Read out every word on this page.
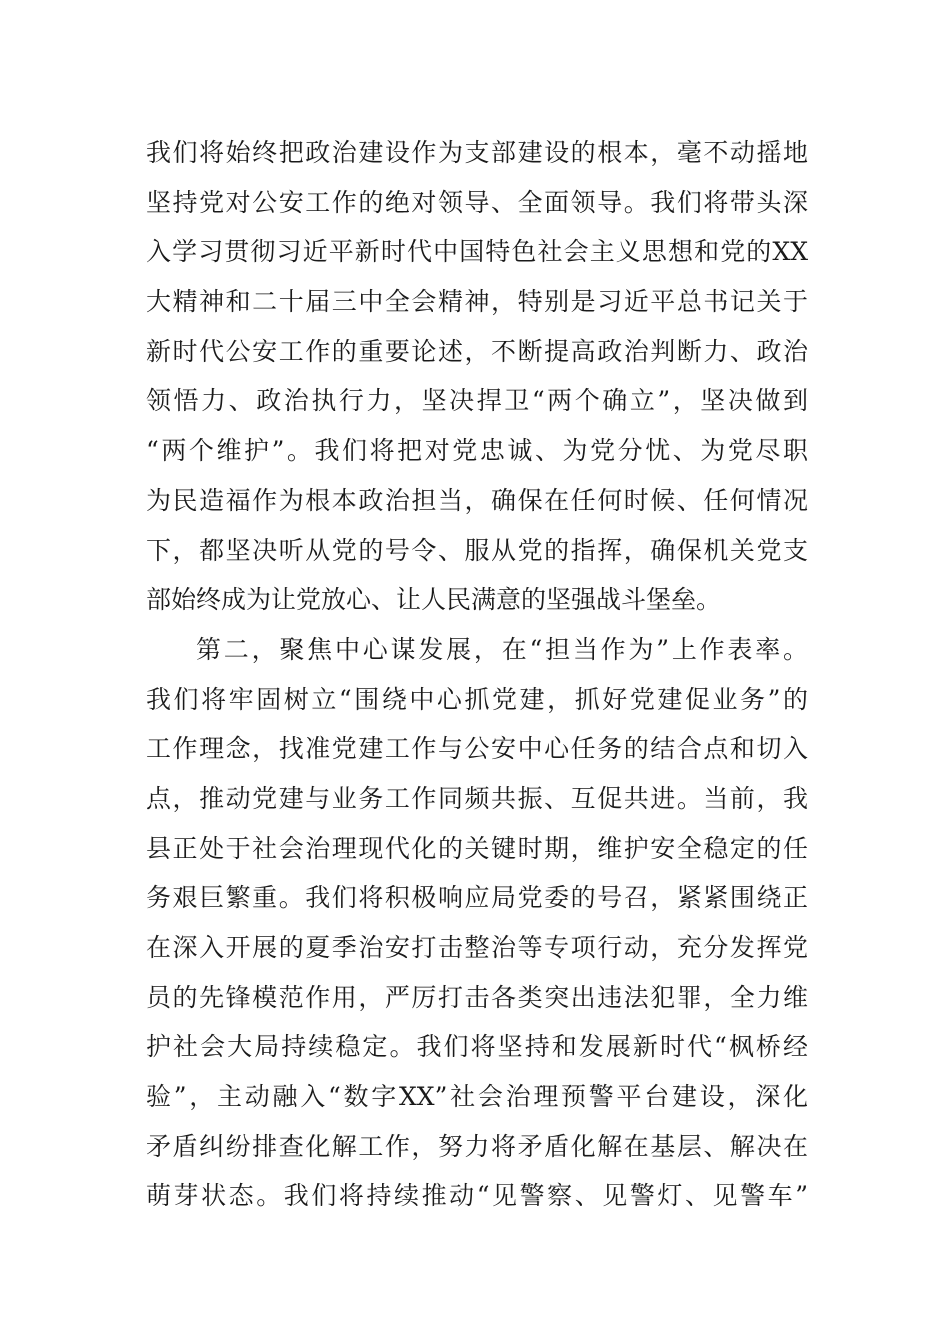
我们将始终把政治建设作为支部建设的根本，毫不动摇地
坚持党对公安工作的绝对领导、全面领导。我们将带头深
入学习贯彻习近平新时代中国特色社会主义思想和党的XX
大精神和二十届三中全会精神，特别是习近平总书记关于
新时代公安工作的重要论述，不断提高政治判断力、政治
领悟力、政治执行力，坚决捍卫“两个确立”，坚决做到
“两个维护”。我们将把对党忠诚、为党分忧、为党尽职
为民造福作为根本政治担当，确保在任何时候、任何情况
下，都坚决听从党的号令、服从党的指挥，确保机关党支
部始终成为让党放心、让人民满意的坚强战斗堡垒。
第二，聚焦中心谋发展，在“担当作为”上作表率。
我们将牢固树立“围绕中心抓党建，抓好党建促业务”的
工作理念，找准党建工作与公安中心任务的结合点和切入
点，推动党建与业务工作同频共振、互促共进。当前，我
县正处于社会治理现代化的关键时期，维护安全稳定的任
务艰巨繁重。我们将积极响应局党委的号召，紧紧围绕正
在深入开展的夏季治安打击整治等专项行动，充分发挥党
员的先锋模范作用，严厉打击各类突出违法犯罪，全力维
护社会大局持续稳定。我们将坚持和发展新时代“枫桥经
验”，主动融入“数字XX”社会治理预警平台建设，深化
矛盾纠纷排查化解工作，努力将矛盾化解在基层、解决在
萌芽状态。我们将持续推动“见警察、见警灯、见警车”
